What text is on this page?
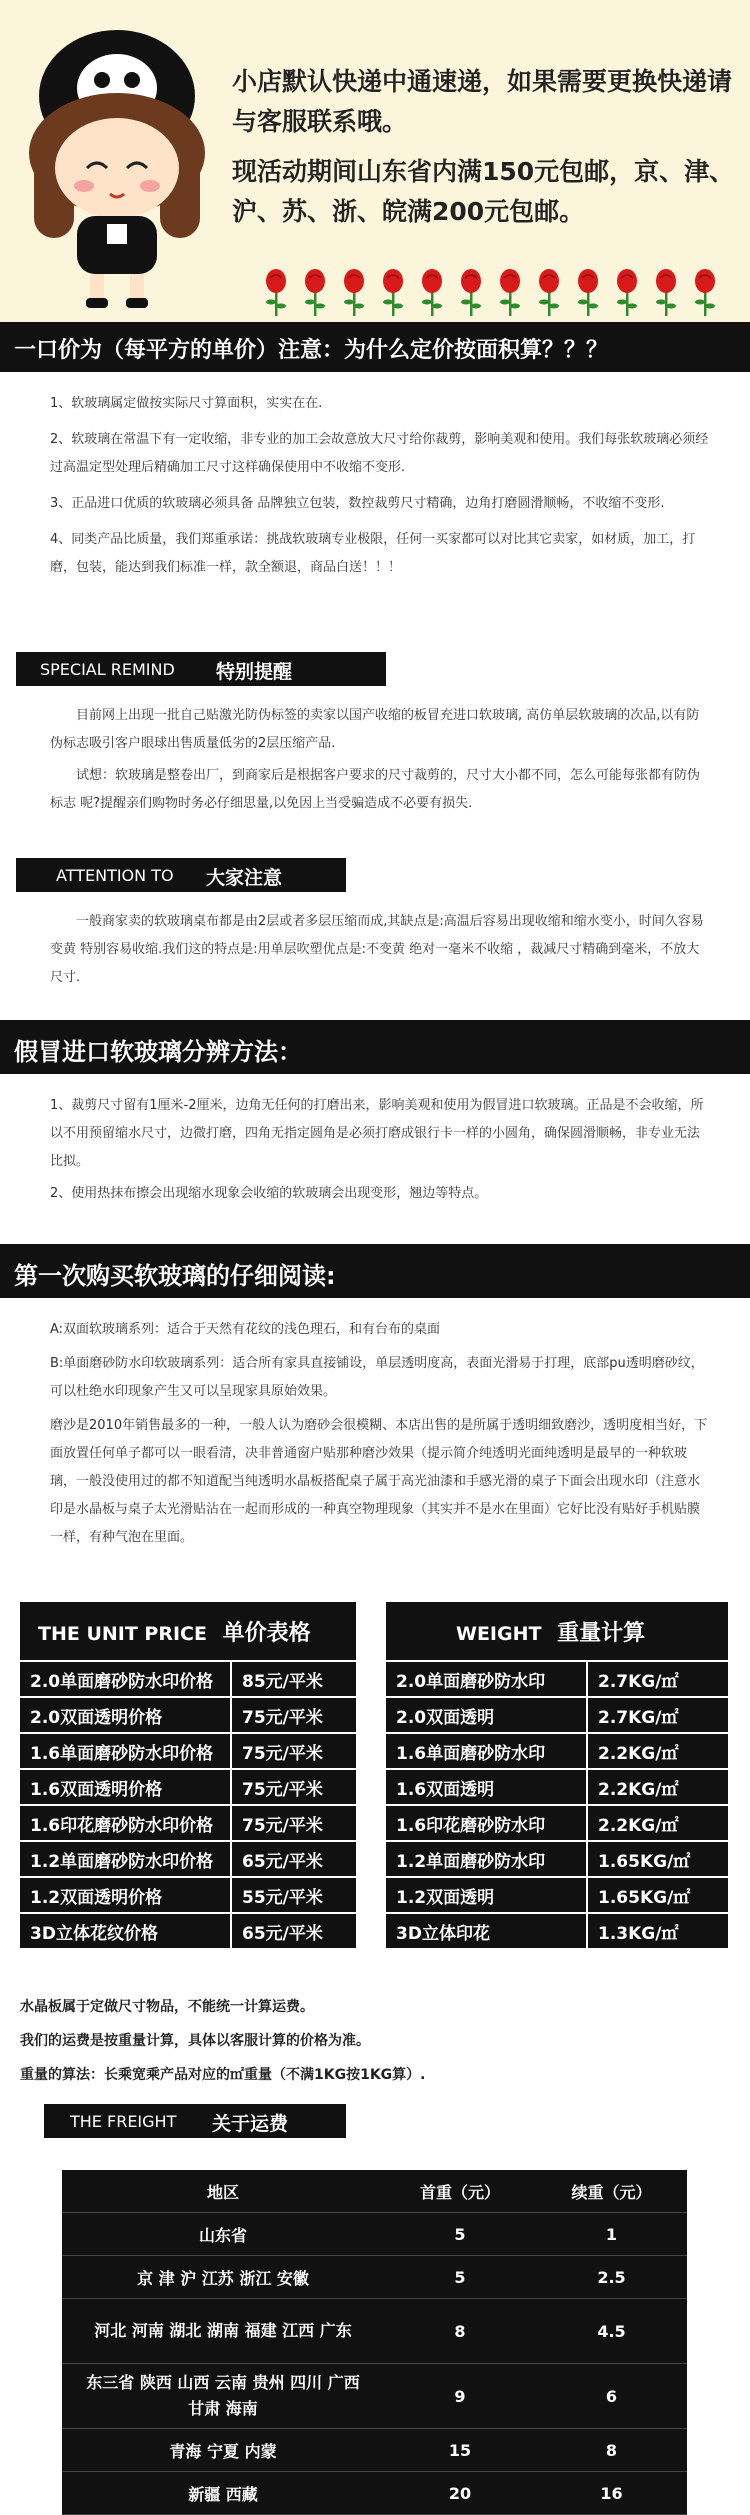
小店默认快递中通速递，如果需要更换快递请与客服联系哦。

现活动期间山东省内满150元包邮，京、津、沪、苏、浙、皖满200元包邮。

一口价为（每平方的单价）注意：为什么定价按面积算？？？

1、软玻璃属定做按实际尺寸算面积，实实在在.

2、软玻璃在常温下有一定收缩，非专业的加工会故意放大尺寸给你裁剪，影响美观和使用。我们每张软玻璃必须经过高温定型处理后精确加工尺寸这样确保使用中不收缩不变形.

3、正品进口优质的软玻璃必须具备 品牌独立包装，数控裁剪尺寸精确，边角打磨圆滑顺畅，不收缩不变形.

4、同类产品比质量，我们郑重承诺：挑战软玻璃专业极限，任何一买家都可以对比其它卖家，如材质，加工，打磨，包装，能达到我们标准一样，款全额退，商品白送！！！

SPECIAL REMIND 特别提醒

目前网上出现一批自己贴激光防伪标签的卖家以国产收缩的板冒充进口软玻璃, 高仿单层软玻璃的次品,以有防伪标志吸引客户眼球出售质量低劣的2层压缩产品.

试想：软玻璃是整卷出厂，到商家后是根据客户要求的尺寸裁剪的，尺寸大小都不同，怎么可能每张都有防伪标志 呢?提醒亲们购物时务必仔细思量,以免因上当受骗造成不必要有损失.

ATTENTION TO 大家注意

一般商家卖的软玻璃桌布都是由2层或者多层压缩而成,其缺点是:高温后容易出现收缩和缩水变小，时间久容易变黄 特别容易收缩.我们这的特点是:用单层吹塑优点是:不变黄 绝对一毫米不收缩 ，裁减尺寸精确到毫米，不放大尺寸.

假冒进口软玻璃分辨方法：

1、裁剪尺寸留有1厘米-2厘米，边角无任何的打磨出来，影响美观和使用为假冒进口软玻璃。正品是不会收缩，所以不用预留缩水尺寸，边微打磨，四角无指定圆角是必须打磨成银行卡一样的小圆角，确保圆滑顺畅，非专业无法比拟。

2、使用热抹布擦会出现缩水现象会收缩的软玻璃会出现变形，翘边等特点。

第一次购买软玻璃的仔细阅读:

A:双面软玻璃系列：适合于天然有花纹的浅色理石，和有台布的桌面

B:单面磨砂防水印软玻璃系列：适合所有家具直接铺设，单层透明度高，表面光滑易于打理，底部pu透明磨砂纹，可以杜绝水印现象产生又可以呈现家具原始效果。

磨沙是2010年销售最多的一种，一般人认为磨砂会很模糊、本店出售的是所属于透明细致磨沙，透明度相当好，下面放置任何单子都可以一眼看清，决非普通窗户贴那种磨沙效果（提示简介纯透明光面纯透明是最早的一种软玻璃，一般没使用过的都不知道配当纯透明水晶板搭配桌子属于高光油漆和手感光滑的桌子下面会出现水印（注意水印是水晶板与桌子太光滑贴沾在一起而形成的一种真空物理现象（其实并不是水在里面）它好比没有贴好手机贴膜一样，有种气泡在里面。

THE UNIT PRICE 单价表格	
2.0单面磨砂防水印价格	85元/平米
2.0双面透明价格	75元/平米
1.6单面磨砂防水印价格	75元/平米
1.6双面透明价格	75元/平米
1.6印花磨砂防水印价格	75元/平米
1.2单面磨砂防水印价格	65元/平米
1.2双面透明价格	55元/平米
3D立体花纹价格	65元/平米
WEIGHT 重量计算	
2.0单面磨砂防水印	2.7KG/㎡
2.0双面透明	2.7KG/㎡
1.6单面磨砂防水印	2.2KG/㎡
1.6双面透明	2.2KG/㎡
1.6印花磨砂防水印	2.2KG/㎡
1.2单面磨砂防水印	1.65KG/㎡
1.2双面透明	1.65KG/㎡
3D立体印花	1.3KG/㎡

水晶板属于定做尺寸物品，不能统一计算运费。

我们的运费是按重量计算，具体以客服计算的价格为准。

重量的算法：长乘宽乘产品对应的㎡重量（不满1KG按1KG算）.

THE FREIGHT 关于运费
地区	首重（元）	续重（元）
山东省	5	1
京 津 沪 江苏 浙江 安徽	5	2.5
河北 河南 湖北 湖南 福建 江西 广东	8	4.5
东三省 陕西 山西 云南 贵州 四川 广西 甘肃 海南	9	6
青海 宁夏 内蒙	15	8
新疆 西藏	20	16
